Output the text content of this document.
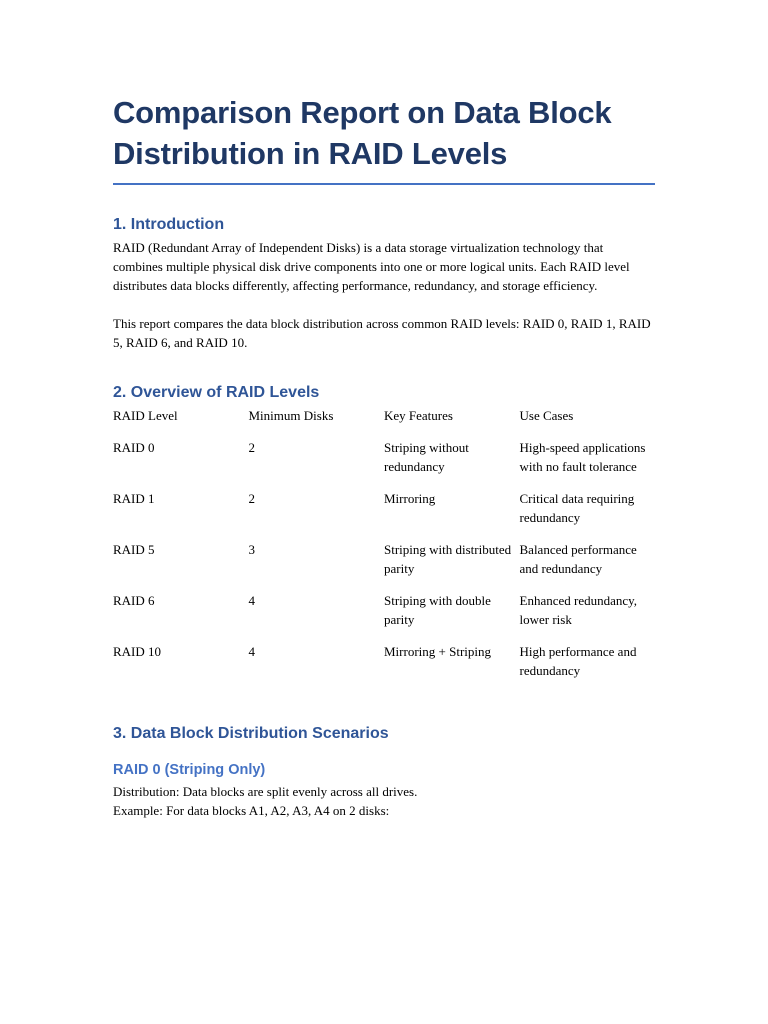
Comparison Report on Data Block Distribution in RAID Levels
1. Introduction

RAID (Redundant Array of Independent Disks) is a data storage virtualization technology that combines multiple physical disk drive components into one or more logical units. Each RAID level distributes data blocks differently, affecting performance, redundancy, and storage efficiency.

This report compares the data block distribution across common RAID levels: RAID 0, RAID 1, RAID 5, RAID 6, and RAID 10.

2. Overview of RAID Levels
RAID Level	Minimum Disks	Key Features	Use Cases
RAID 0	2	Striping without redundancy	High-speed applications with no fault tolerance
RAID 1	2	Mirroring	Critical data requiring redundancy
RAID 5	3	Striping with distributed parity	Balanced performance and redundancy
RAID 6	4	Striping with double parity	Enhanced redundancy, lower risk
RAID 10	4	Mirroring + Striping	High performance and redundancy
3. Data Block Distribution Scenarios
RAID 0 (Striping Only)

Distribution: Data blocks are split evenly across all drives.

Example: For data blocks A1, A2, A3, A4 on 2 disks:
